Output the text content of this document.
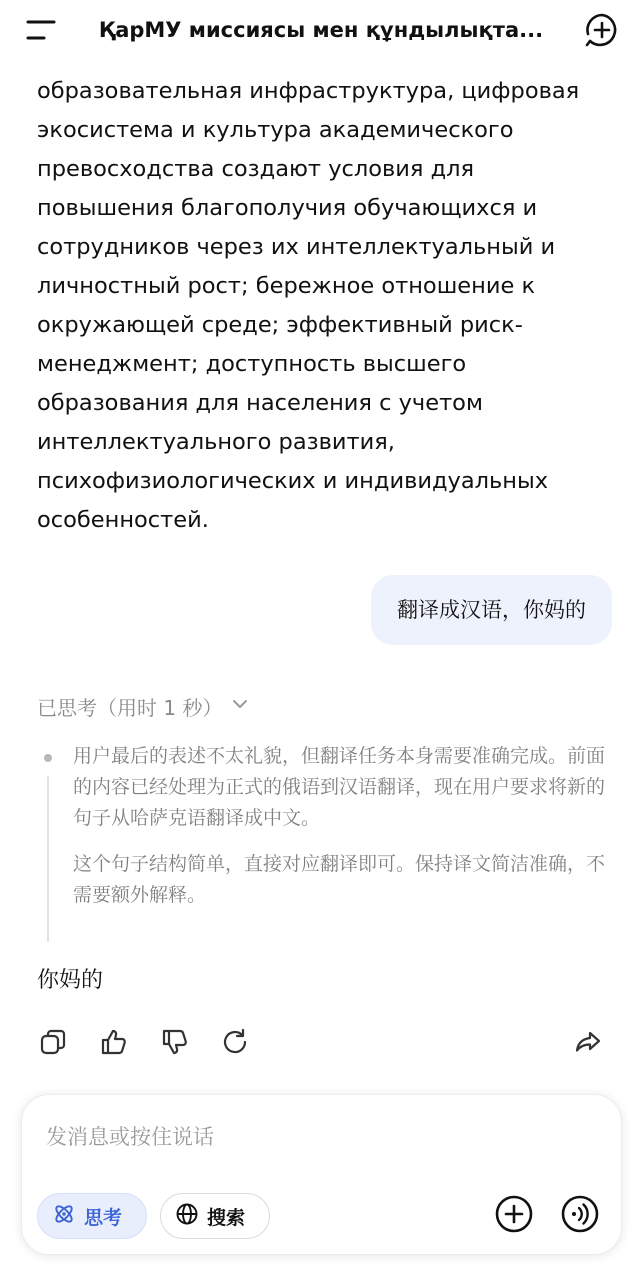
ҚарМУ миссиясы мен құндылықта...
образовательная инфраструктура, цифровая экосистема и культура академического превосходства создают условия для повышения благополучия обучающихся и сотрудников через их интеллектуальный и личностный рост; бережное отношение к окружающей среде; эффективный риск-менеджмент; доступность высшего образования для населения с учетом интеллектуального развития, психофизиологических и индивидуальных особенностей.
翻译成汉语，你妈的
已思考（用时 1 秒）
用户最后的表述不太礼貌，但翻译任务本身需要准确完成。前面的内容已经处理为正式的俄语到汉语翻译，现在用户要求将新的句子从哈萨克语翻译成中文。
这个句子结构简单，直接对应翻译即可。保持译文简洁准确，不需要额外解释。
你妈的
发消息或按住说话
思考	搜索
